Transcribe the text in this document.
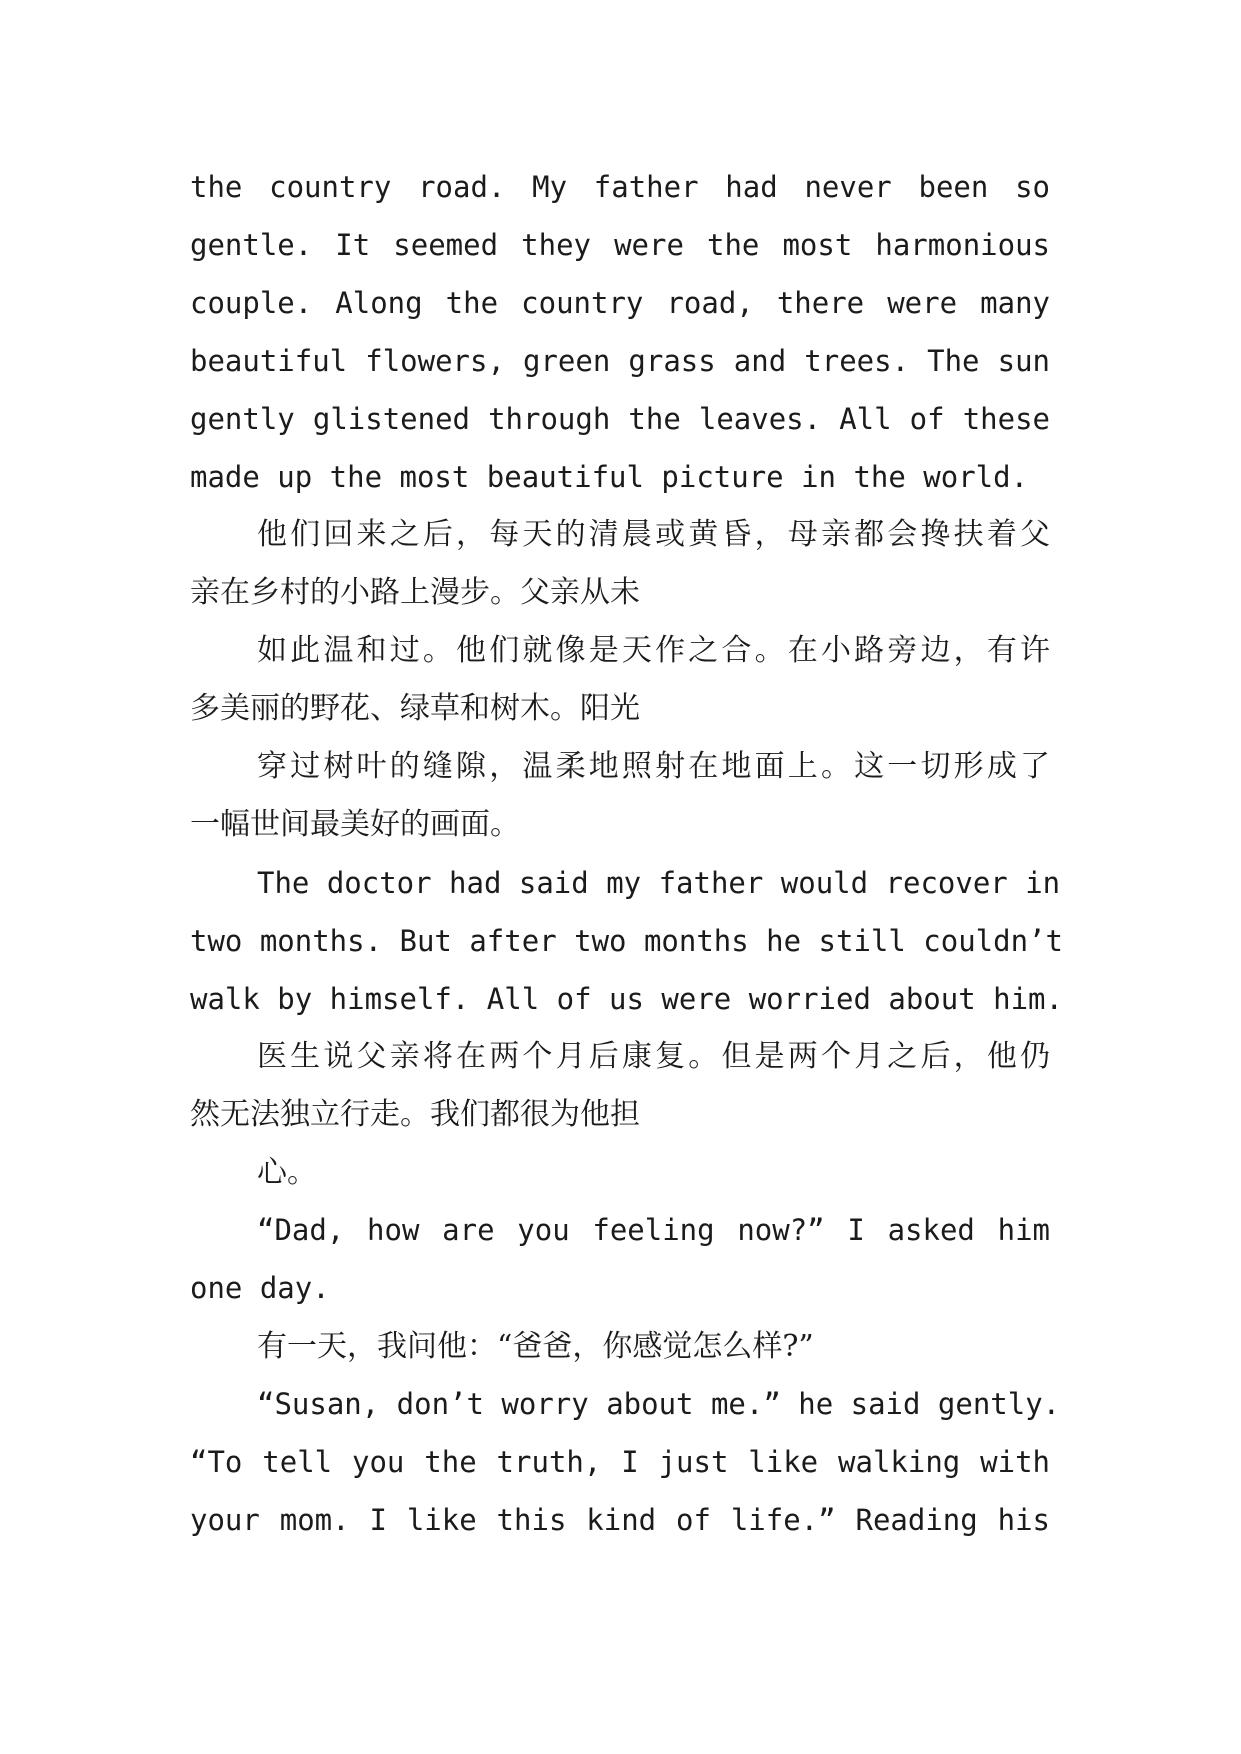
the country road. My father had never been so

gentle. It seemed they were the most harmonious

couple. Along the country road, there were many

beautiful flowers, green grass and trees. The sun

gently glistened through the leaves. All of these

made up the most beautiful picture in the world.

他们回来之后，每天的清晨或黄昏，母亲都会搀扶着父

亲在乡村的小路上漫步。父亲从未

如此温和过。他们就像是天作之合。在小路旁边，有许

多美丽的野花、绿草和树木。阳光

穿过树叶的缝隙，温柔地照射在地面上。这一切形成了

一幅世间最美好的画面。

The doctor had said my father would recover in

two months. But after two months he still couldn’t

walk by himself. All of us were worried about him.

医生说父亲将在两个月后康复。但是两个月之后，他仍

然无法独立行走。我们都很为他担

心。

“Dad, how are you feeling now?” I asked him

one day.

有一天，我问他：“爸爸，你感觉怎么样?”

“Susan, don’t worry about me.” he said gently.

“To tell you the truth, I just like walking with

your mom. I like this kind of life.” Reading his
